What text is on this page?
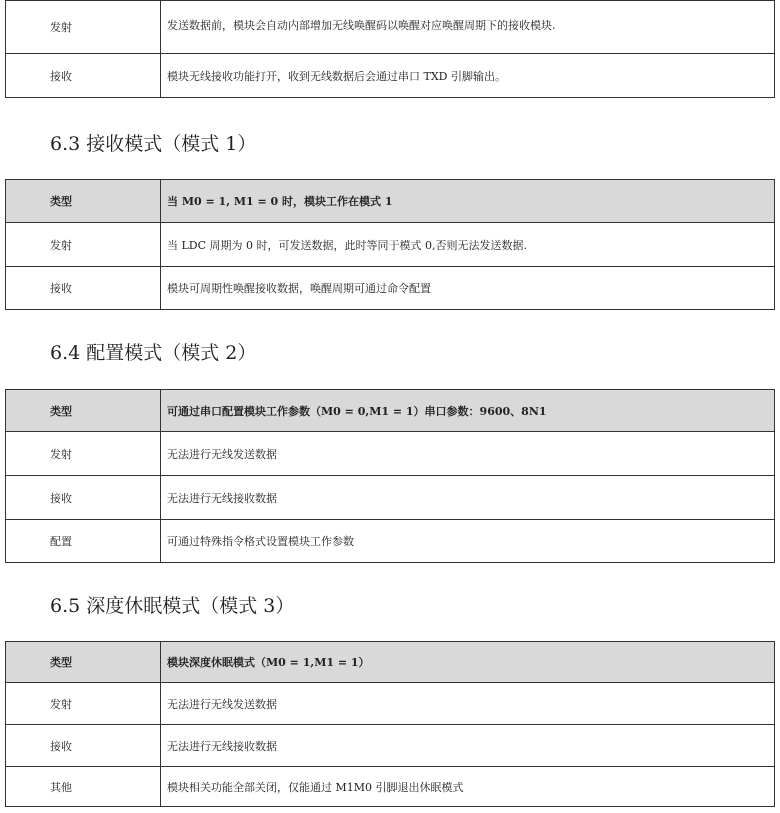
发射	发送数据前，模块会自动内部增加无线唤醒码以唤醒对应唤醒周期下的接收模块.
接收	模块无线接收功能打开，收到无线数据后会通过串口 TXD 引脚输出。
6.3 接收模式（模式 1）
类型	当 M0 = 1, M1 = 0 时，模块工作在模式 1
发射	当 LDC 周期为 0 时，可发送数据，此时等同于模式 0,否则无法发送数据.
接收	模块可周期性唤醒接收数据，唤醒周期可通过命令配置
6.4 配置模式（模式 2）
类型	可通过串口配置模块工作参数（M0 = 0,M1 = 1）串口参数：9600、8N1
发射	无法进行无线发送数据
接收	无法进行无线接收数据
配置	可通过特殊指令格式设置模块工作参数
6.5 深度休眠模式（模式 3）
类型	模块深度休眠模式（M0 = 1,M1 = 1）
发射	无法进行无线发送数据
接收	无法进行无线接收数据
其他	模块相关功能全部关闭，仅能通过 M1M0 引脚退出休眠模式
